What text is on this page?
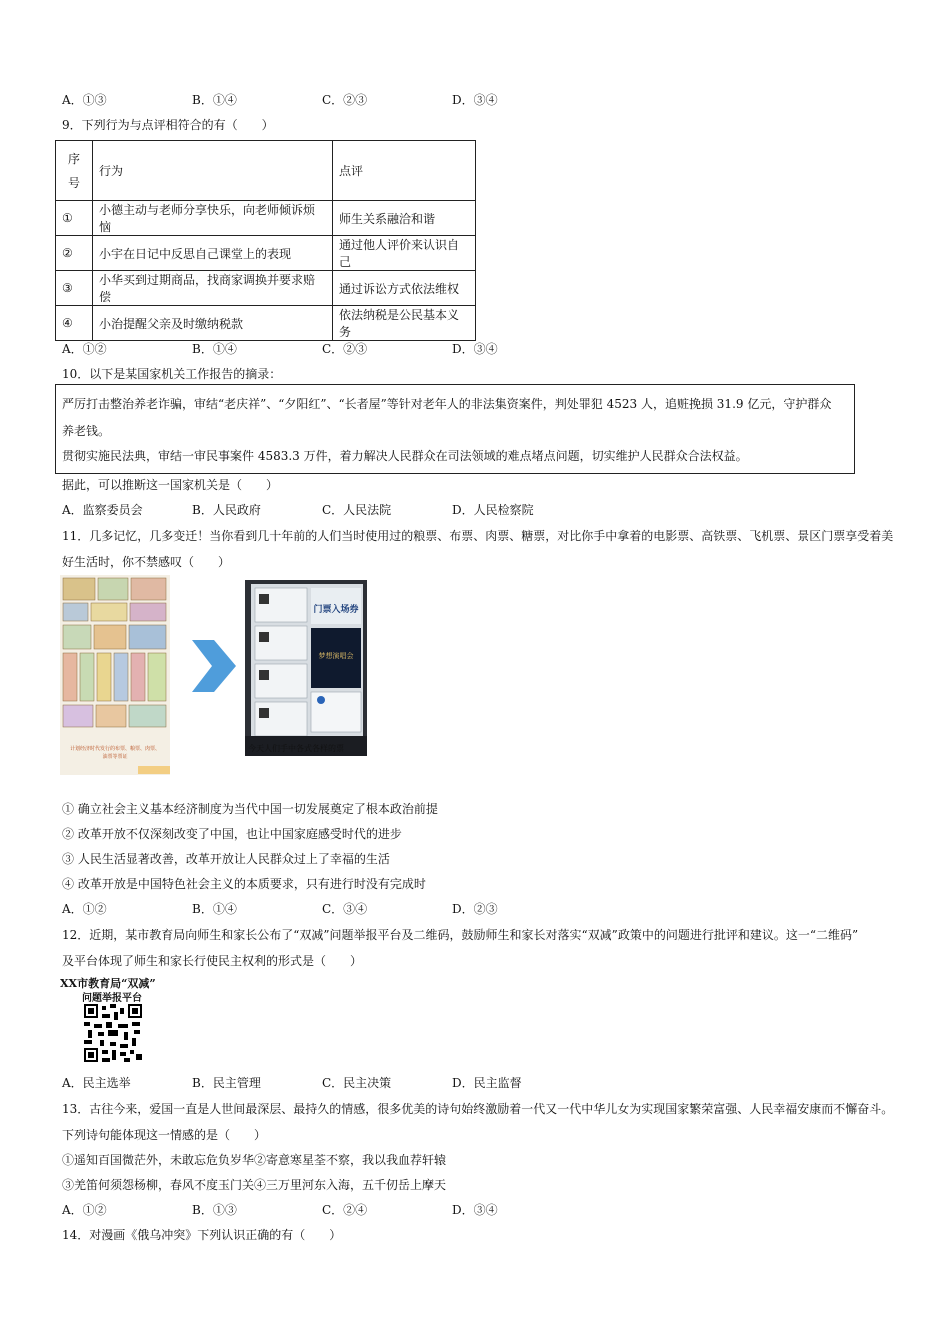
A．①③	B．①④	C．②③	D．③④
9．下列行为与点评相符合的有（　　）
序
号	行为	点评
①	小德主动与老师分享快乐，向老师倾诉烦恼	师生关系融洽和谐
②	小宇在日记中反思自己课堂上的表现	通过他人评价来认识自己
③	小华买到过期商品，找商家调换并要求赔偿	通过诉讼方式依法维权
④	小治提醒父亲及时缴纳税款	依法纳税是公民基本义务
A．①②	B．①④	C．②③	D．③④
10．以下是某国家机关工作报告的摘录：
严厉打击整治养老诈骗，审结“老庆祥”、“夕阳红”、“长者屋”等针对老年人的非法集资案件，判处罪犯 4523 人，追赃挽损 31.9 亿元，守护群众
养老钱。
贯彻实施民法典，审结一审民事案件 4583.3 万件，着力解决人民群众在司法领域的难点堵点问题，切实维护人民群众合法权益。
据此，可以推断这一国家机关是（　　）
A．监察委员会	B．人民政府	C．人民法院	D．人民检察院
11．几多记忆，几多变迁！当你看到几十年前的人们当时使用过的粮票、布票、肉票、糖票，对比你手中拿着的电影票、高铁票、飞机票、景区门票享受着美
好生活时，你不禁感叹（　　）
计划经济时代发行的布票、粮票、肉票、
油票等票证
门票入场券
梦想演唱会
今天人们手中各式各样的票
① 确立社会主义基本经济制度为当代中国一切发展奠定了根本政治前提
② 改革开放不仅深刻改变了中国，也让中国家庭感受时代的进步
③ 人民生活显著改善，改革开放让人民群众过上了幸福的生活
④ 改革开放是中国特色社会主义的本质要求，只有进行时没有完成时
A．①②	B．①④	C．③④	D．②③
12．近期，某市教育局向师生和家长公布了“双减”问题举报平台及二维码，鼓励师生和家长对落实“双减”政策中的问题进行批评和建议。这一“二维码”
及平台体现了师生和家长行使民主权利的形式是（　　）
XX市教育局“双减”
问题举报平台
A．民主选举	B．民主管理	C．民主决策	D．民主监督
13．古往今来，爱国一直是人世间最深层、最持久的情感，很多优美的诗句始终激励着一代又一代中华儿女为实现国家繁荣富强、人民幸福安康而不懈奋斗。
下列诗句能体现这一情感的是（　　）
①遥知百国微茫外，未敢忘危负岁华②寄意寒星荃不察，我以我血荐轩辕
③羌笛何须怨杨柳，春风不度玉门关④三万里河东入海，五千仞岳上摩天
A．①②	B．①③	C．②④	D．③④
14．对漫画《俄乌冲突》下列认识正确的有（　　）
